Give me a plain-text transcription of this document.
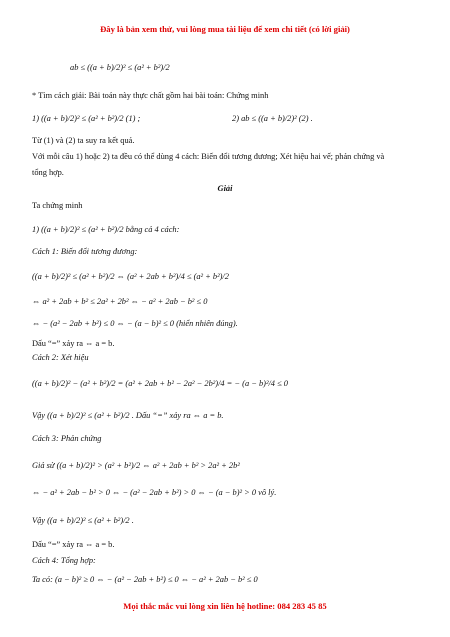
Đây là bản xem thử, vui lòng mua tài liệu để xem chi tiết (có lời giải)
ab ≤ ((a + b)/2)² ≤ (a² + b²)/2
* Tìm cách giải: Bài toán này thực chất gồm hai bài toán: Chứng minh
1) ((a + b)/2)² ≤ (a² + b²)/2 (1) ;	2) ab ≤ ((a + b)/2)² (2) .
Từ (1) và (2) ta suy ra kết quả.
Với mỗi câu 1) hoặc 2) ta đều có thể dùng 4 cách: Biến đổi tương đương; Xét hiệu hai vế; phản chứng và
tổng hợp.
Giải
Ta chứng minh
1) ((a + b)/2)² ≤ (a² + b²)/2 bằng cả 4 cách:
Cách 1: Biến đổi tương đương:
((a + b)/2)² ≤ (a² + b²)/2 ⇔ (a² + 2ab + b²)/4 ≤ (a² + b²)/2
⇔ a² + 2ab + b² ≤ 2a² + 2b² ⇔ − a² + 2ab − b² ≤ 0
⇔ − (a² − 2ab + b²) ≤ 0 ⇔ − (a − b)² ≤ 0 (hiển nhiên đúng).
Dấu “=” xảy ra ⇔ a = b.
Cách 2: Xét hiệu
((a + b)/2)² − (a² + b²)/2 = (a² + 2ab + b² − 2a² − 2b²)/4 = − (a − b)²/4 ≤ 0
Vậy ((a + b)/2)² ≤ (a² + b²)/2 . Dấu “=” xảy ra ⇔ a = b.
Cách 3: Phản chứng
Giả sử ((a + b)/2)² > (a² + b²)/2 ⇔ a² + 2ab + b² > 2a² + 2b²
⇔ − a² + 2ab − b² > 0 ⇔ − (a² − 2ab + b²) > 0 ⇔ − (a − b)² > 0 vô lý.
Vậy ((a + b)/2)² ≤ (a² + b²)/2 .
Dấu “=” xảy ra ⇔ a = b.
Cách 4: Tổng hợp:
Ta có: (a − b)² ≥ 0 ⇔ − (a² − 2ab + b²) ≤ 0 ⇔ − a² + 2ab − b² ≤ 0
Mọi thắc mắc vui lòng xin liên hệ hotline: 084 283 45 85
